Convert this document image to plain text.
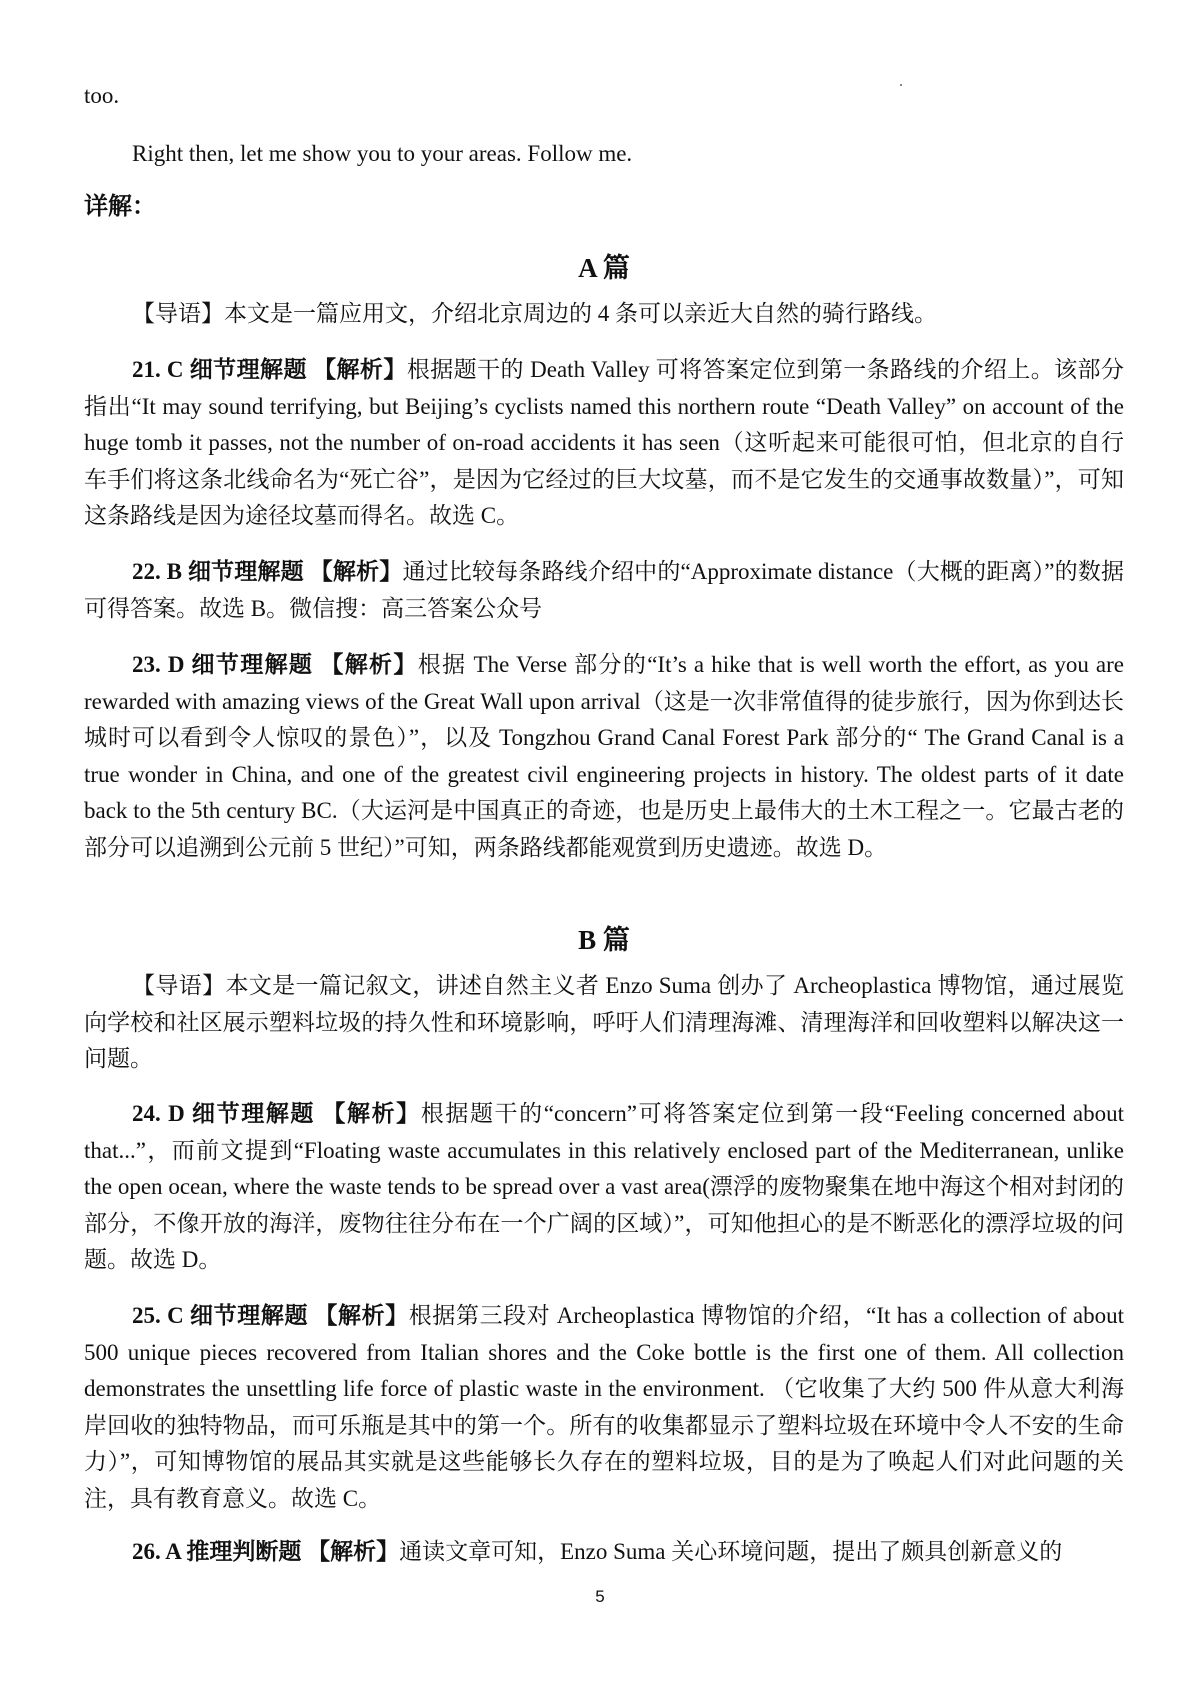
too.

Right then, let me show you to your areas. Follow me.

详解：

A 篇

【导语】本文是一篇应用文，介绍北京周边的 4 条可以亲近大自然的骑行路线。

21. C 细节理解题 【解析】根据题干的 Death Valley 可将答案定位到第一条路线的介绍上。该部分指出“It may sound terrifying, but Beijing’s cyclists named this northern route “Death Valley” on account of the huge tomb it passes, not the number of on-road accidents it has seen（这听起来可能很可怕，但北京的自行车手们将这条北线命名为“死亡谷”，是因为它经过的巨大坟墓，而不是它发生的交通事故数量）”，可知这条路线是因为途径坟墓而得名。故选 C。

22. B 细节理解题 【解析】通过比较每条路线介绍中的“Approximate distance（大概的距离）”的数据可得答案。故选 B。微信搜：高三答案公众号

23. D 细节理解题 【解析】根据 The Verse 部分的“It’s a hike that is well worth the effort, as you are rewarded with amazing views of the Great Wall upon arrival（这是一次非常值得的徒步旅行，因为你到达长城时可以看到令人惊叹的景色）”，以及 Tongzhou Grand Canal Forest Park 部分的“ The Grand Canal is a true wonder in China, and one of the greatest civil engineering projects in history. The oldest parts of it date back to the 5th century BC.（大运河是中国真正的奇迹，也是历史上最伟大的土木工程之一。它最古老的部分可以追溯到公元前 5 世纪）”可知，两条路线都能观赏到历史遗迹。故选 D。

B 篇

【导语】本文是一篇记叙文，讲述自然主义者 Enzo Suma 创办了 Archeoplastica 博物馆，通过展览向学校和社区展示塑料垃圾的持久性和环境影响，呼吁人们清理海滩、清理海洋和回收塑料以解决这一问题。

24. D 细节理解题 【解析】根据题干的“concern”可将答案定位到第一段“Feeling concerned about that...”，而前文提到“Floating waste accumulates in this relatively enclosed part of the Mediterranean, unlike the open ocean, where the waste tends to be spread over a vast area(漂浮的废物聚集在地中海这个相对封闭的部分，不像开放的海洋，废物往往分布在一个广阔的区域）”，可知他担心的是不断恶化的漂浮垃圾的问题。故选 D。

25. C 细节理解题 【解析】根据第三段对 Archeoplastica 博物馆的介绍，“It has a collection of about 500 unique pieces recovered from Italian shores and the Coke bottle is the first one of them. All collection demonstrates the unsettling life force of plastic waste in the environment. （它收集了大约 500 件从意大利海岸回收的独特物品，而可乐瓶是其中的第一个。所有的收集都显示了塑料垃圾在环境中令人不安的生命力）”，可知博物馆的展品其实就是这些能够长久存在的塑料垃圾，目的是为了唤起人们对此问题的关注，具有教育意义。故选 C。

26. A 推理判断题 【解析】通读文章可知，Enzo Suma 关心环境问题，提出了颇具创新意义的

5
